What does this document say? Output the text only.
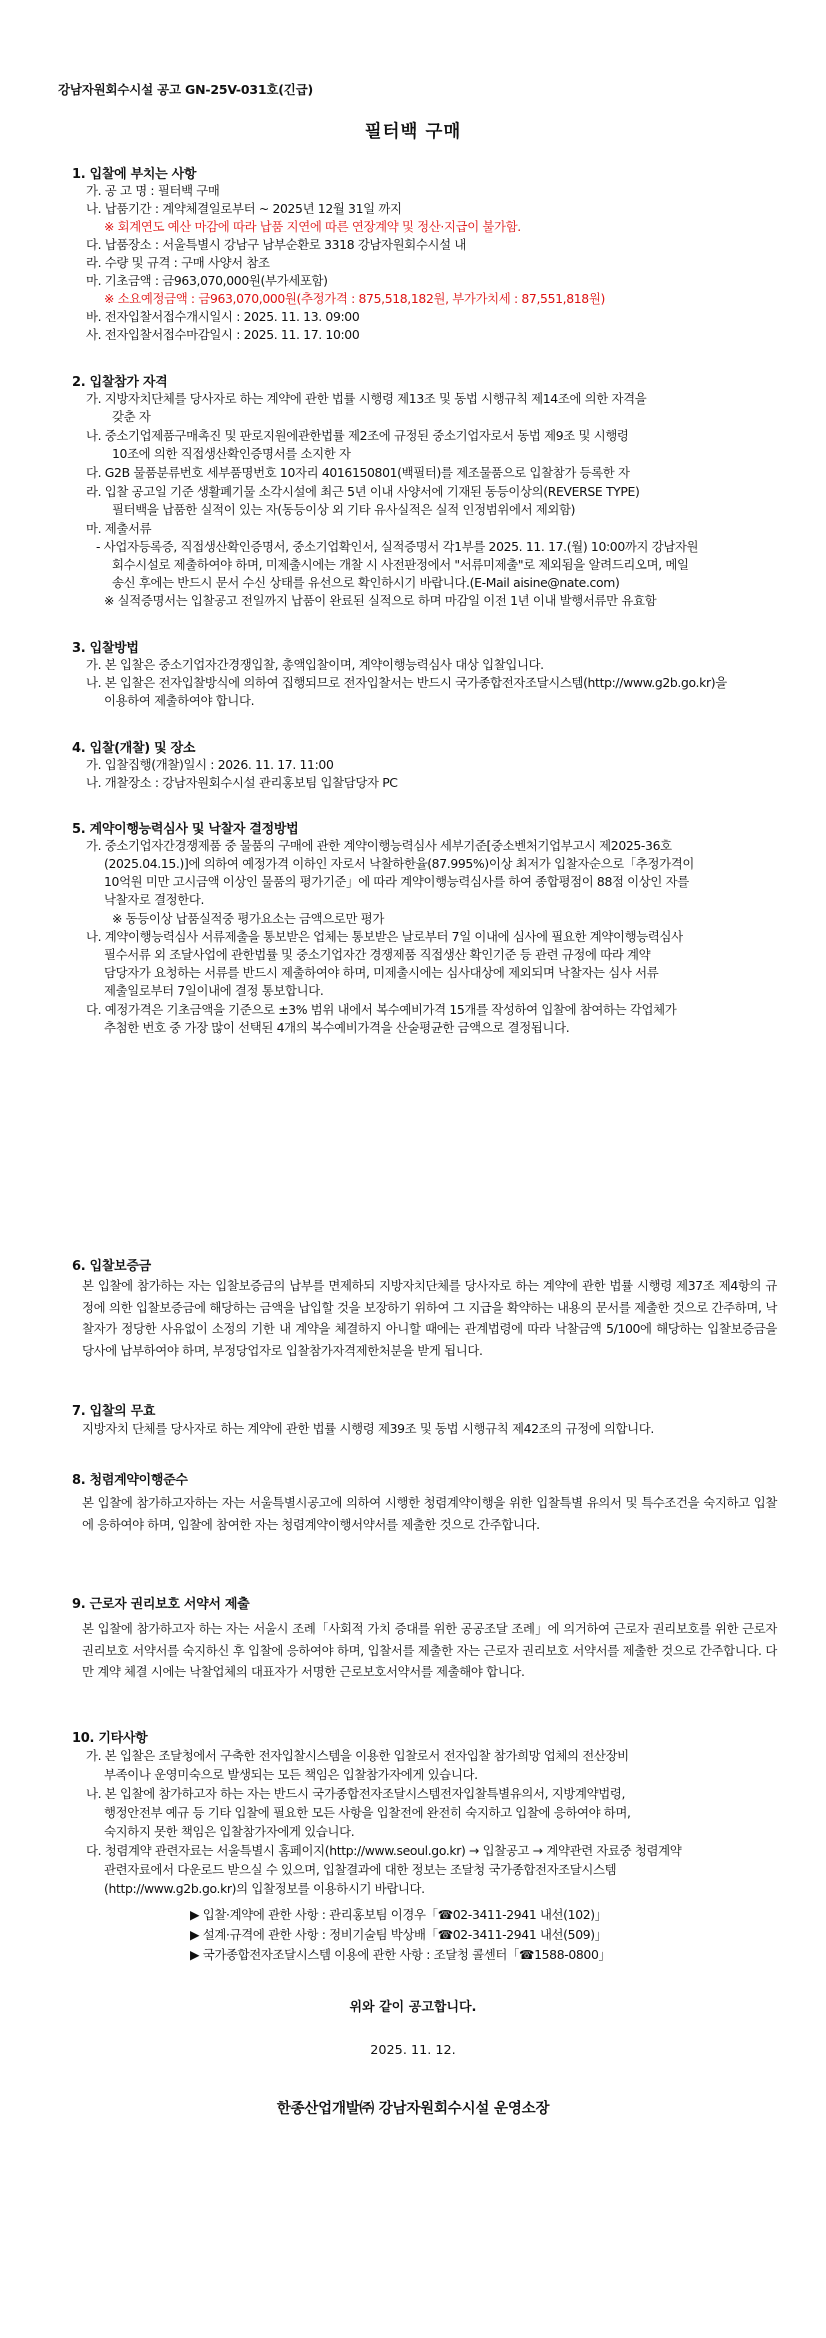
강남자원회수시설 공고 GN-25V-031호(긴급)
필터백 구매
1. 입찰에 부치는 사항
가. 공 고 명 : 필터백 구매
나. 납품기간 : 계약체결일로부터 ~ 2025년 12월 31일 까지
※ 회계연도 예산 마감에 따라 납품 지연에 따른 연장계약 및 정산·지급이 불가함.
다. 납품장소 : 서울특별시 강남구 남부순환로 3318 강남자원회수시설 내
라. 수량 및 규격 : 구매 사양서 참조
마. 기초금액 : 금963,070,000원(부가세포함)
※ 소요예정금액 : 금963,070,000원(추정가격 : 875,518,182원, 부가가치세 : 87,551,818원)
바. 전자입찰서접수개시일시 : 2025. 11. 13. 09:00
사. 전자입찰서접수마감일시 : 2025. 11. 17. 10:00
2. 입찰참가 자격
가. 지방자치단체를 당사자로 하는 계약에 관한 법률 시행령 제13조 및 동법 시행규칙 제14조에 의한 자격을
갖춘 자
나. 중소기업제품구매촉진 및 판로지원에관한법률 제2조에 규정된 중소기업자로서 동법 제9조 및 시행령
10조에 의한 직접생산확인증명서를 소지한 자
다. G2B 물품분류번호 세부품명번호 10자리 4016150801(백필터)를 제조물품으로 입찰참가 등록한 자
라. 입찰 공고일 기준 생활폐기물 소각시설에 최근 5년 이내 사양서에 기재된 동등이상의(REVERSE TYPE)
필터백을 납품한 실적이 있는 자(동등이상 외 기타 유사실적은 실적 인정범위에서 제외함)
마. 제출서류
- 사업자등록증, 직접생산확인증명서, 중소기업확인서, 실적증명서 각1부를 2025. 11. 17.(월) 10:00까지 강남자원
회수시설로 제출하여야 하며, 미제출시에는 개찰 시 사전판정에서 "서류미제출"로 제외됨을 알려드리오며, 메일
송신 후에는 반드시 문서 수신 상태를 유선으로 확인하시기 바랍니다.(E-Mail aisine@nate.com)
※ 실적증명서는 입찰공고 전일까지 납품이 완료된 실적으로 하며 마감일 이전 1년 이내 발행서류만 유효함
3. 입찰방법
가. 본 입찰은 중소기업자간경쟁입찰, 총액입찰이며, 계약이행능력심사 대상 입찰입니다.
나. 본 입찰은 전자입찰방식에 의하여 집행되므로 전자입찰서는 반드시 국가종합전자조달시스템(http://www.g2b.go.kr)을
이용하여 제출하여야 합니다.
4. 입찰(개찰) 및 장소
가. 입찰집행(개찰)일시 : 2026. 11. 17. 11:00
나. 개찰장소 : 강남자원회수시설 관리홍보팀 입찰담당자 PC
5. 계약이행능력심사 및 낙찰자 결정방법
가. 중소기업자간경쟁제품 중 물품의 구매에 관한 계약이행능력심사 세부기준[중소벤처기업부고시 제2025-36호
(2025.04.15.)]에 의하여 예정가격 이하인 자로서 낙찰하한율(87.995%)이상 최저가 입찰자순으로「추정가격이
10억원 미만 고시금액 이상인 물품의 평가기준」에 따라 계약이행능력심사를 하여 종합평점이 88점 이상인 자를
낙찰자로 결정한다.
※ 동등이상 납품실적중 평가요소는 금액으로만 평가
나. 계약이행능력심사 서류제출을 통보받은 업체는 통보받은 날로부터 7일 이내에 심사에 필요한 계약이행능력심사
필수서류 외 조달사업에 관한법률 및 중소기업자간 경쟁제품 직접생산 확인기준 등 관련 규정에 따라 계약
담당자가 요청하는 서류를 반드시 제출하여야 하며, 미제출시에는 심사대상에 제외되며 낙찰자는 심사 서류
제출일로부터 7일이내에 결정 통보합니다.
다. 예정가격은 기초금액을 기준으로 ±3% 범위 내에서 복수예비가격 15개를 작성하여 입찰에 참여하는 각업체가
추첨한 번호 중 가장 많이 선택된 4개의 복수예비가격을 산술평균한 금액으로 결정됩니다.
6. 입찰보증금
본 입찰에 참가하는 자는 입찰보증금의 납부를 면제하되 지방자치단체를 당사자로 하는 계약에 관한 법률 시행령 제37조 제4항의 규정에 의한 입찰보증금에 해당하는 금액을 납입할 것을 보장하기 위하여 그 지급을 확약하는 내용의 문서를 제출한 것으로 간주하며, 낙찰자가 정당한 사유없이 소정의 기한 내 계약을 체결하지 아니할 때에는 관계법령에 따라 낙찰금액 5/100에 해당하는 입찰보증금을 당사에 납부하여야 하며, 부정당업자로 입찰참가자격제한처분을 받게 됩니다.
7. 입찰의 무효
지방자치 단체를 당사자로 하는 계약에 관한 법률 시행령 제39조 및 동법 시행규칙 제42조의 규정에 의합니다.
8. 청렴계약이행준수
본 입찰에 참가하고자하는 자는 서울특별시공고에 의하여 시행한 청렴계약이행을 위한 입찰특별 유의서 및 특수조건을 숙지하고 입찰에 응하여야 하며, 입찰에 참여한 자는 청렴계약이행서약서를 제출한 것으로 간주합니다.
9. 근로자 권리보호 서약서 제출
본 입찰에 참가하고자 하는 자는 서울시 조례「사회적 가치 증대를 위한 공공조달 조례」에 의거하여 근로자 권리보호를 위한 근로자 권리보호 서약서를 숙지하신 후 입찰에 응하여야 하며, 입찰서를 제출한 자는 근로자 권리보호 서약서를 제출한 것으로 간주합니다. 다만 계약 체결 시에는 낙찰업체의 대표자가 서명한 근로보호서약서를 제출해야 합니다.
10. 기타사항
가. 본 입찰은 조달청에서 구축한 전자입찰시스템을 이용한 입찰로서 전자입찰 참가희망 업체의 전산장비
부족이나 운영미숙으로 발생되는 모든 책임은 입찰참가자에게 있습니다.
나. 본 입찰에 참가하고자 하는 자는 반드시 국가종합전자조달시스템전자입찰특별유의서, 지방계약법령,
행정안전부 예규 등 기타 입찰에 필요한 모든 사항을 입찰전에 완전히 숙지하고 입찰에 응하여야 하며,
숙지하지 못한 책임은 입찰참가자에게 있습니다.
다. 청렴계약 관련자료는 서울특별시 홈페이지(http://www.seoul.go.kr) → 입찰공고 → 계약관련 자료중 청렴계약
관련자료에서 다운로드 받으실 수 있으며, 입찰결과에 대한 정보는 조달청 국가종합전자조달시스템
(http://www.g2b.go.kr)의 입찰정보를 이용하시기 바랍니다.
▶ 입찰·계약에 관한 사항 : 관리홍보팀 이경우「☎02-3411-2941 내선(102)」
▶ 설계·규격에 관한 사항 : 정비기술팀 박상배「☎02-3411-2941 내선(509)」
▶ 국가종합전자조달시스템 이용에 관한 사항 : 조달청 콜센터「☎1588-0800」
위와 같이 공고합니다.
2025. 11. 12.
한종산업개발㈜ 강남자원회수시설 운영소장
